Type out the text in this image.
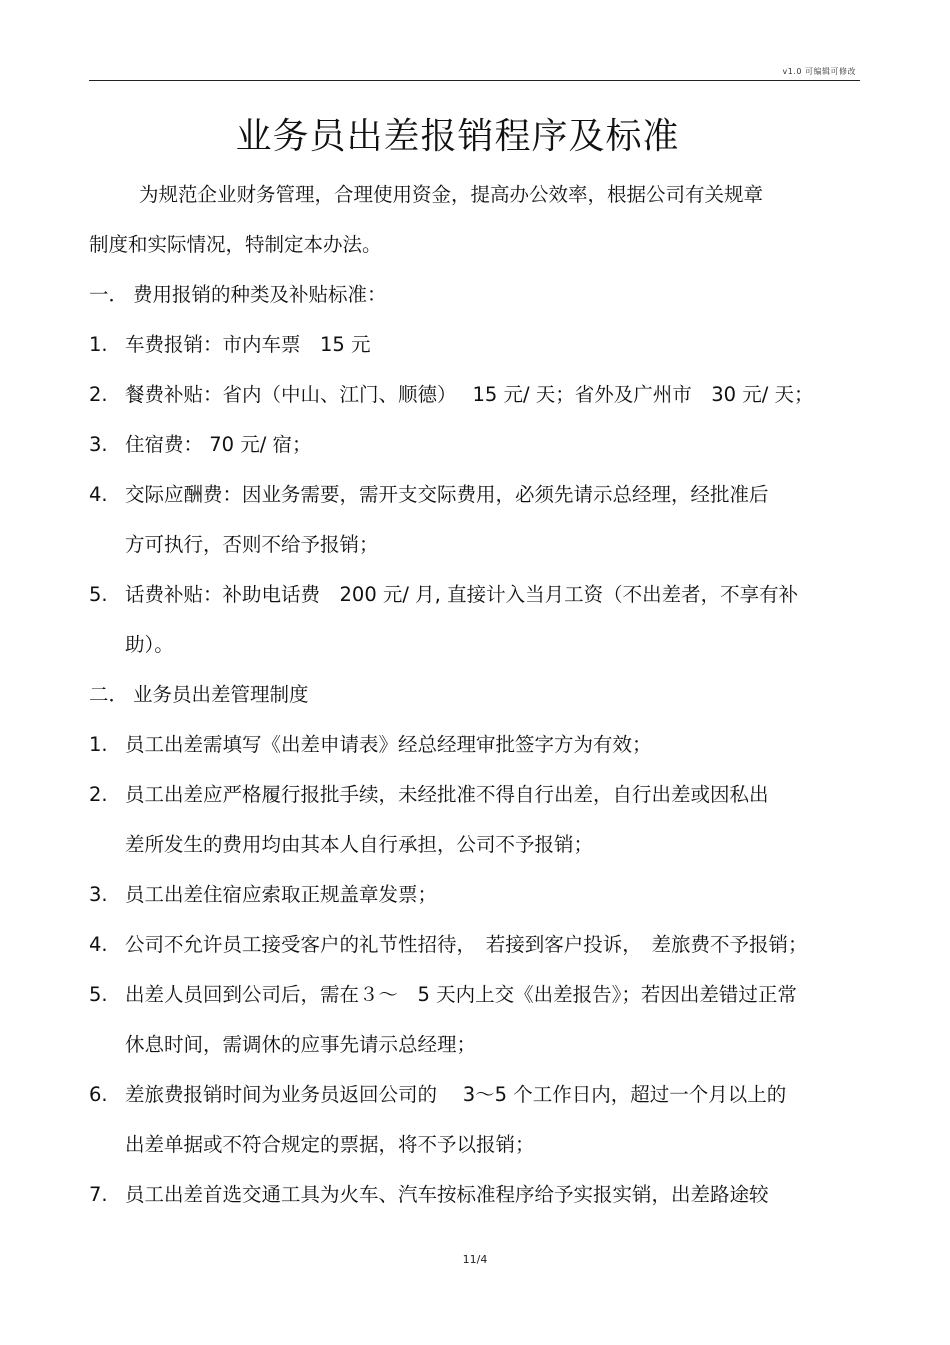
v1.0 可编辑可修改
业务员出差报销程序及标准
为规范企业财务管理，合理使用资金，提高办公效率，根据公司有关规章
制度和实际情况，特制定本办法。
一． 费用报销的种类及补贴标准：
1. 车费报销：市内车票　15 元
2. 餐费补贴：省内（中山、江门、顺德）　 15 元/ 天；省外及广州市　30 元/ 天；
3. 住宿费： 70 元/ 宿；
4. 交际应酬费：因业务需要，需开支交际费用，必须先请示总经理，经批准后
方可执行，否则不给予报销；
5. 话费补贴：补助电话费　200 元/ 月, 直接计入当月工资（不出差者，不享有补
助）。
二． 业务员出差管理制度
1. 员工出差需填写《出差申请表》经总经理审批签字方为有效；
2. 员工出差应严格履行报批手续，未经批准不得自行出差，自行出差或因私出
差所发生的费用均由其本人自行承担，公司不予报销；
3. 员工出差住宿应索取正规盖章发票；
4. 公司不允许员工接受客户的礼节性招待，　若接到客户投诉，　差旅费不予报销；
5. 出差人员回到公司后，需在３～　5 天内上交《出差报告》；若因出差错过正常
休息时间，需调休的应事先请示总经理；
6. 差旅费报销时间为业务员返回公司的　 3～5 个工作日内，超过一个月以上的
出差单据或不符合规定的票据，将不予以报销；
7. 员工出差首选交通工具为火车、汽车按标准程序给予实报实销，出差路途较
11/4
